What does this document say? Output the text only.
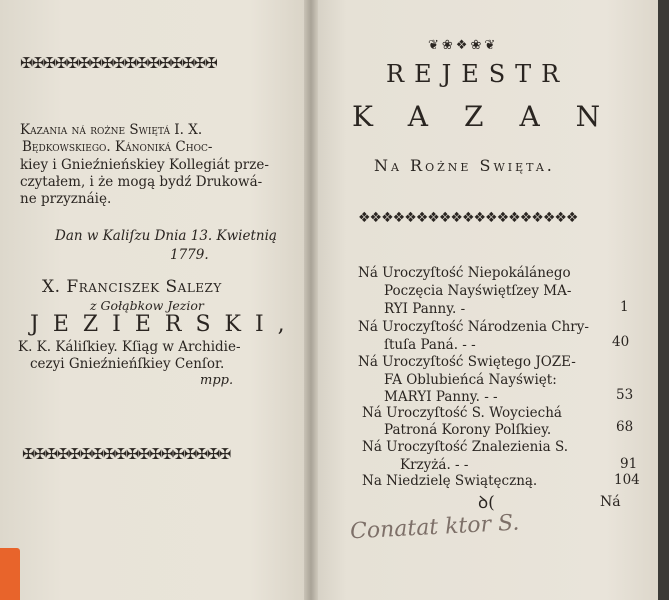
✠✠✠✠✠✠✠✠✠✠✠✠✠✠✠✠✠
Kazania ná rożne Swiętá I. X.
Będkowskiego. Kánoniká Choc-
kiey i Gnieźnieńskiey Kollegiát prze-
czytałem, i że mogą bydź Drukowá-
ne przyznáię.
Dan w Kaliſzu Dnia 13. Kwietnią
1779.
X. Franciszek Salezy
z Gołąbkow Jezior
JEZIERSKI,
K. K. Káliſkiey. Kſiąg w Archidie-
cezyi Gnieźnieńſkiey Cenſor.
mpp.
✠✠✠✠✠✠✠✠✠✠✠✠✠✠✠✠✠✠
❦❀❖❀❦
REJESTR
KAZAN
Na Rożne Swięta.
❖❖❖❖❖❖❖❖❖❖❖❖❖❖❖❖❖❖❖
Ná Uroczyſtość Niepokálánego
Poczęcia Nayświętſzey MA-
RYI Panny. -	1
Ná Uroczyſtość Národzenia Chry-
ſtuſa Paná. - -	40
Ná Uroczyſtość Swiętego JOZE-
FA Oblubieńcá Nayświęt:
MARYI Panny. - -	53
Ná Uroczyſtość S. Woyciechá
Patroná Korony Polſkiey.	68
Ná Uroczyſtość Znalezienia S.
Krzyżá. - -	91
Na Niedzielę Swiątęczną.	104
ꝺ(	Ná
Conatat ktor S.
